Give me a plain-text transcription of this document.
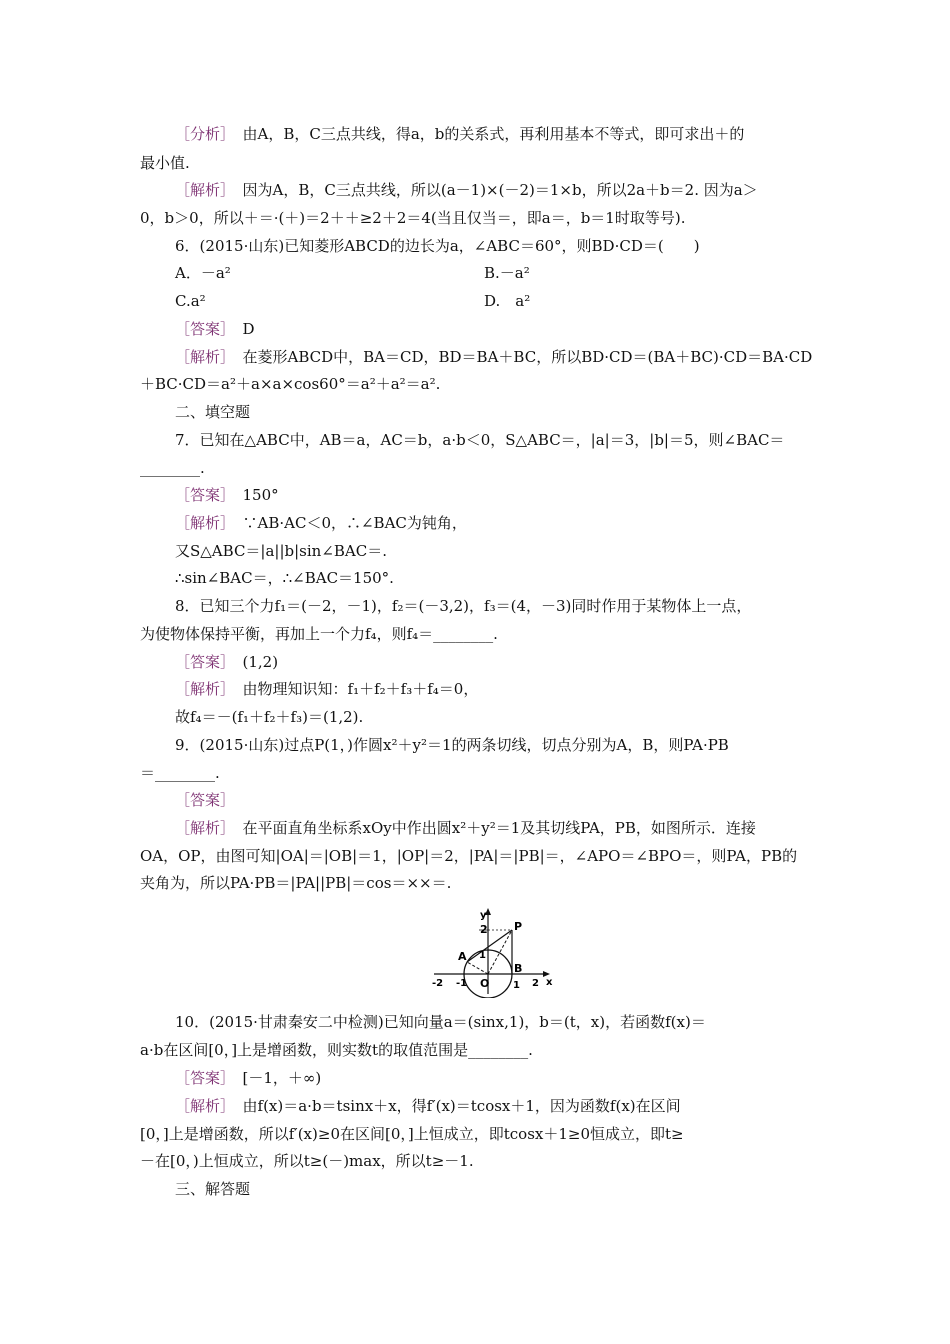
［分析］　由A，B，C三点共线，得a，b的关系式，再利用基本不等式，即可求出＋的
最小值.
［解析］　因为A，B，C三点共线，所以(a－1)×(－2)＝1×b，所以2a＋b＝2. 因为a＞
0，b＞0，所以＋＝·(＋)＝2＋＋≥2＋2＝4(当且仅当＝，即a＝，b＝1时取等号).
6．(2015·山东)已知菱形ABCD的边长为a，∠ABC＝60°，则BD·CD＝(　　)
A．－a²	B.－a²
C.a²	D.　a²
［答案］　D
［解析］　在菱形ABCD中，BA＝CD，BD＝BA＋BC，所以BD·CD＝(BA＋BC)·CD＝BA·CD
＋BC·CD＝a²＋a×a×cos60°＝a²＋a²＝a².
二、填空题
7．已知在△ABC中，AB＝a，AC＝b，a·b＜0，S△ABC＝，|a|＝3，|b|＝5，则∠BAC＝
________.
［答案］　150°
［解析］　∵AB·AC＜0，∴∠BAC为钝角，
又S△ABC＝|a||b|sin∠BAC＝.
∴sin∠BAC＝，∴∠BAC＝150°.
8．已知三个力f₁＝(－2，－1)，f₂＝(－3,2)，f₃＝(4，－3)同时作用于某物体上一点，
为使物体保持平衡，再加上一个力f₄，则f₄＝________.
［答案］　(1,2)
［解析］　由物理知识知：f₁＋f₂＋f₃＋f₄＝0，
故f₄＝－(f₁＋f₂＋f₃)＝(1,2).
9．(2015·山东)过点P(1，)作圆x²＋y²＝1的两条切线，切点分别为A，B，则PA·PB
＝________.
［答案］
［解析］　在平面直角坐标系xOy中作出圆x²＋y²＝1及其切线PA，PB，如图所示．连接
OA，OP，由图可知|OA|＝|OB|＝1，|OP|＝2，|PA|＝|PB|＝，∠APO＝∠BPO＝，则PA，PB的
夹角为，所以PA·PB＝|PA||PB|＝cos＝××＝.
y
2 P
A 1
-2 -1 O 1
B
2 x
10．(2015·甘肃秦安二中检测)已知向量a＝(sinx,1)，b＝(t，x)，若函数f(x)＝
a·b在区间[0，]上是增函数，则实数t的取值范围是________.
［答案］　[－1，＋∞)
［解析］　由f(x)＝a·b＝tsinx＋x，得f′(x)＝tcosx＋1，因为函数f(x)在区间
[0，]上是增函数，所以f′(x)≥0在区间[0，]上恒成立，即tcosx＋1≥0恒成立，即t≥
－在[0，)上恒成立，所以t≥(－)max，所以t≥－1.
三、解答题
